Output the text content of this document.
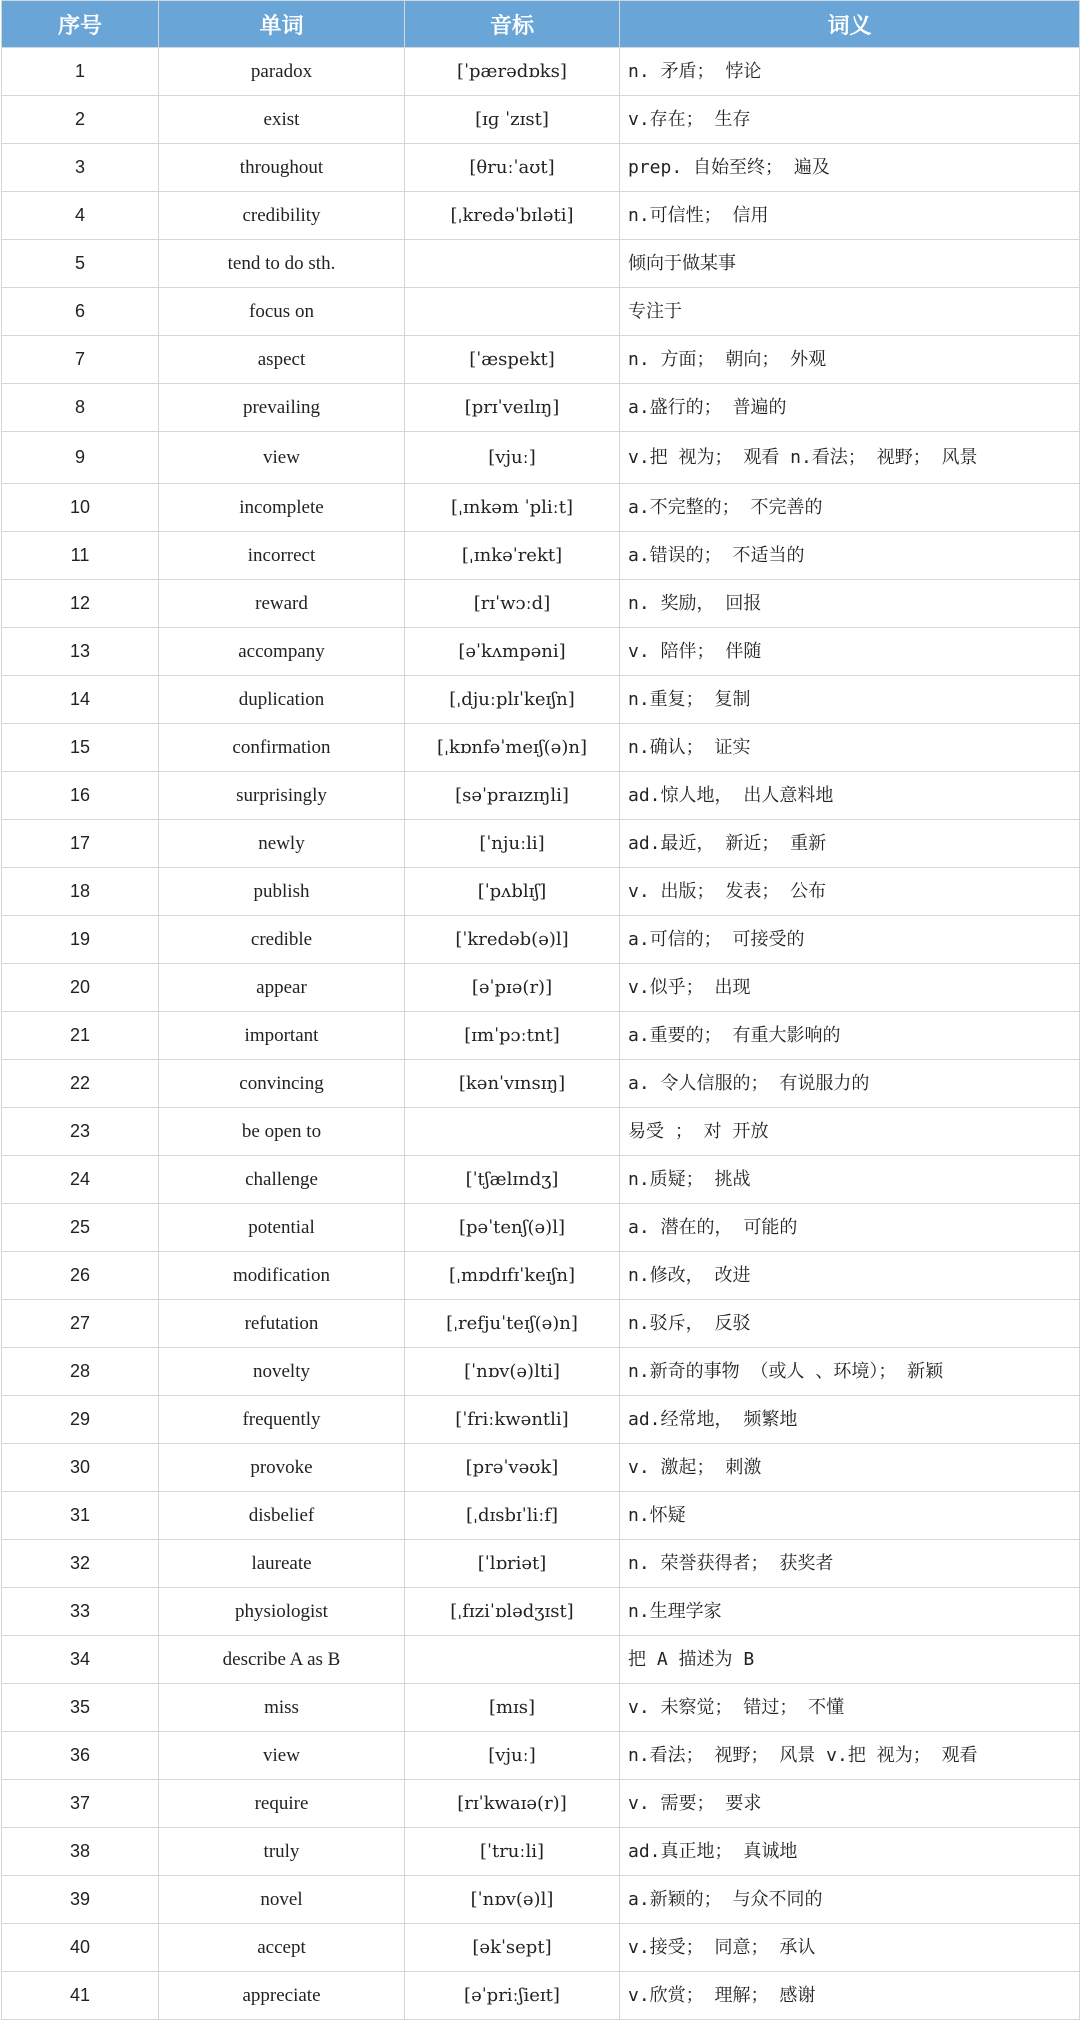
序号	单词	音标	词义
1	paradox	[ˈpærədɒks]	n. 矛盾； 悖论
2	exist	[ɪɡ ˈzɪst]	v.存在； 生存
3	throughout	[θruːˈaʊt]	prep. 自始至终； 遍及
4	credibility	[ˌkredəˈbɪləti]	n.可信性； 信用
5	tend to do sth.		倾向于做某事
6	focus on		专注于
7	aspect	[ˈæspekt]	n. 方面； 朝向； 外观
8	prevailing	[prɪˈveɪlɪŋ]	a.盛行的； 普遍的
9	view	[vjuː]	v.把 视为； 观看 n.看法； 视野； 风景
10	incomplete	[ˌɪnkəm ˈpliːt]	a.不完整的； 不完善的
11	incorrect	[ˌɪnkəˈrekt]	a.错误的； 不适当的
12	reward	[rɪˈwɔːd]	n. 奖励， 回报
13	accompany	[əˈkʌmpəni]	v. 陪伴； 伴随
14	duplication	[ˌdjuːplɪˈkeɪʃn]	n.重复； 复制
15	confirmation	[ˌkɒnfəˈmeɪʃ(ə)n]	n.确认； 证实
16	surprisingly	[səˈpraɪzɪŋli]	ad.惊人地， 出人意料地
17	newly	[ˈnjuːli]	ad.最近， 新近； 重新
18	publish	[ˈpʌblɪʃ]	v. 出版； 发表； 公布
19	credible	[ˈkredəb(ə)l]	a.可信的； 可接受的
20	appear	[əˈpɪə(r)]	v.似乎； 出现
21	important	[ɪmˈpɔːtnt]	a.重要的； 有重大影响的
22	convincing	[kənˈvɪnsɪŋ]	a. 令人信服的； 有说服力的
23	be open to		易受 ； 对 开放
24	challenge	[ˈtʃælɪndʒ]	n.质疑； 挑战
25	potential	[pəˈtenʃ(ə)l]	a. 潜在的， 可能的
26	modification	[ˌmɒdɪfɪˈkeɪʃn]	n.修改， 改进
27	refutation	[ˌrefjuˈteɪʃ(ə)n]	n.驳斥， 反驳
28	novelty	[ˈnɒv(ə)lti]	n.新奇的事物 （或人 、环境）； 新颖
29	frequently	[ˈfriːkwəntli]	ad.经常地， 频繁地
30	provoke	[prəˈvəʊk]	v. 激起； 刺激
31	disbelief	[ˌdɪsbɪˈliːf]	n.怀疑
32	laureate	[ˈlɒriət]	n. 荣誉获得者； 获奖者
33	physiologist	[ˌfɪziˈɒlədʒɪst]	n.生理学家
34	describe A as B		把 A 描述为 B
35	miss	[mɪs]	v. 未察觉； 错过； 不懂
36	view	[vjuː]	n.看法； 视野； 风景 v.把 视为； 观看
37	require	[rɪˈkwaɪə(r)]	v. 需要； 要求
38	truly	[ˈtruːli]	ad.真正地； 真诚地
39	novel	[ˈnɒv(ə)l]	a.新颖的； 与众不同的
40	accept	[əkˈsept]	v.接受； 同意； 承认
41	appreciate	[əˈpriːʃieɪt]	v.欣赏； 理解； 感谢
